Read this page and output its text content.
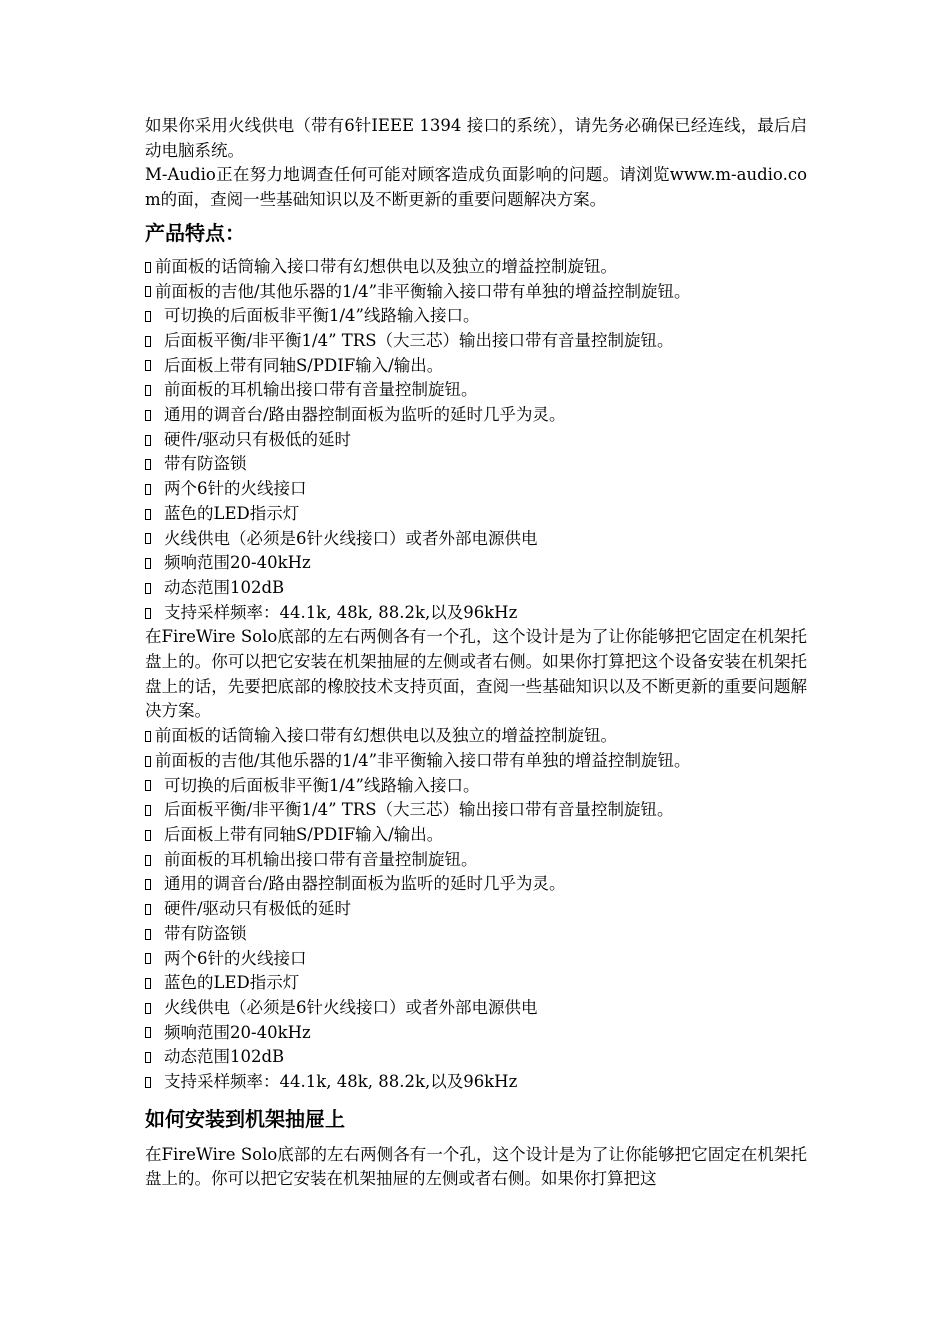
如果你采用火线供电（带有6针IEEE 1394 接口的系统），请先务必确保已经连线，最后启动电脑系统。

M-Audio正在努力地调查任何可能对顾客造成负面影响的问题。请浏览www.m-audio.com的面，查阅一些基础知识以及不断更新的重要问题解决方案。

产品特点：
前面板的话筒输入接口带有幻想供电以及独立的增益控制旋钮。
前面板的吉他/其他乐器的1/4”非平衡输入接口带有单独的增益控制旋钮。
可切换的后面板非平衡1/4”线路输入接口。
后面板平衡/非平衡1/4” TRS（大三芯）输出接口带有音量控制旋钮。
后面板上带有同轴S/PDIF输入/输出。
前面板的耳机输出接口带有音量控制旋钮。
通用的调音台/路由器控制面板为监听的延时几乎为灵。
硬件/驱动只有极低的延时
带有防盗锁
两个6针的火线接口
蓝色的LED指示灯
火线供电（必须是6针火线接口）或者外部电源供电
频响范围20-40kHz
动态范围102dB
支持采样频率：44.1k, 48k, 88.2k,以及96kHz

在FireWire Solo底部的左右两侧各有一个孔，这个设计是为了让你能够把它固定在机架托盘上的。你可以把它安装在机架抽屉的左侧或者右侧。如果你打算把这个设备安装在机架托盘上的话，先要把底部的橡胶技术支持页面，查阅一些基础知识以及不断更新的重要问题解决方案。

前面板的话筒输入接口带有幻想供电以及独立的增益控制旋钮。
前面板的吉他/其他乐器的1/4”非平衡输入接口带有单独的增益控制旋钮。
可切换的后面板非平衡1/4”线路输入接口。
后面板平衡/非平衡1/4” TRS（大三芯）输出接口带有音量控制旋钮。
后面板上带有同轴S/PDIF输入/输出。
前面板的耳机输出接口带有音量控制旋钮。
通用的调音台/路由器控制面板为监听的延时几乎为灵。
硬件/驱动只有极低的延时
带有防盗锁
两个6针的火线接口
蓝色的LED指示灯
火线供电（必须是6针火线接口）或者外部电源供电
频响范围20-40kHz
动态范围102dB
支持采样频率：44.1k, 48k, 88.2k,以及96kHz
如何安装到机架抽屉上

在FireWire Solo底部的左右两侧各有一个孔，这个设计是为了让你能够把它固定在机架托盘上的。你可以把它安装在机架抽屉的左侧或者右侧。如果你打算把这
